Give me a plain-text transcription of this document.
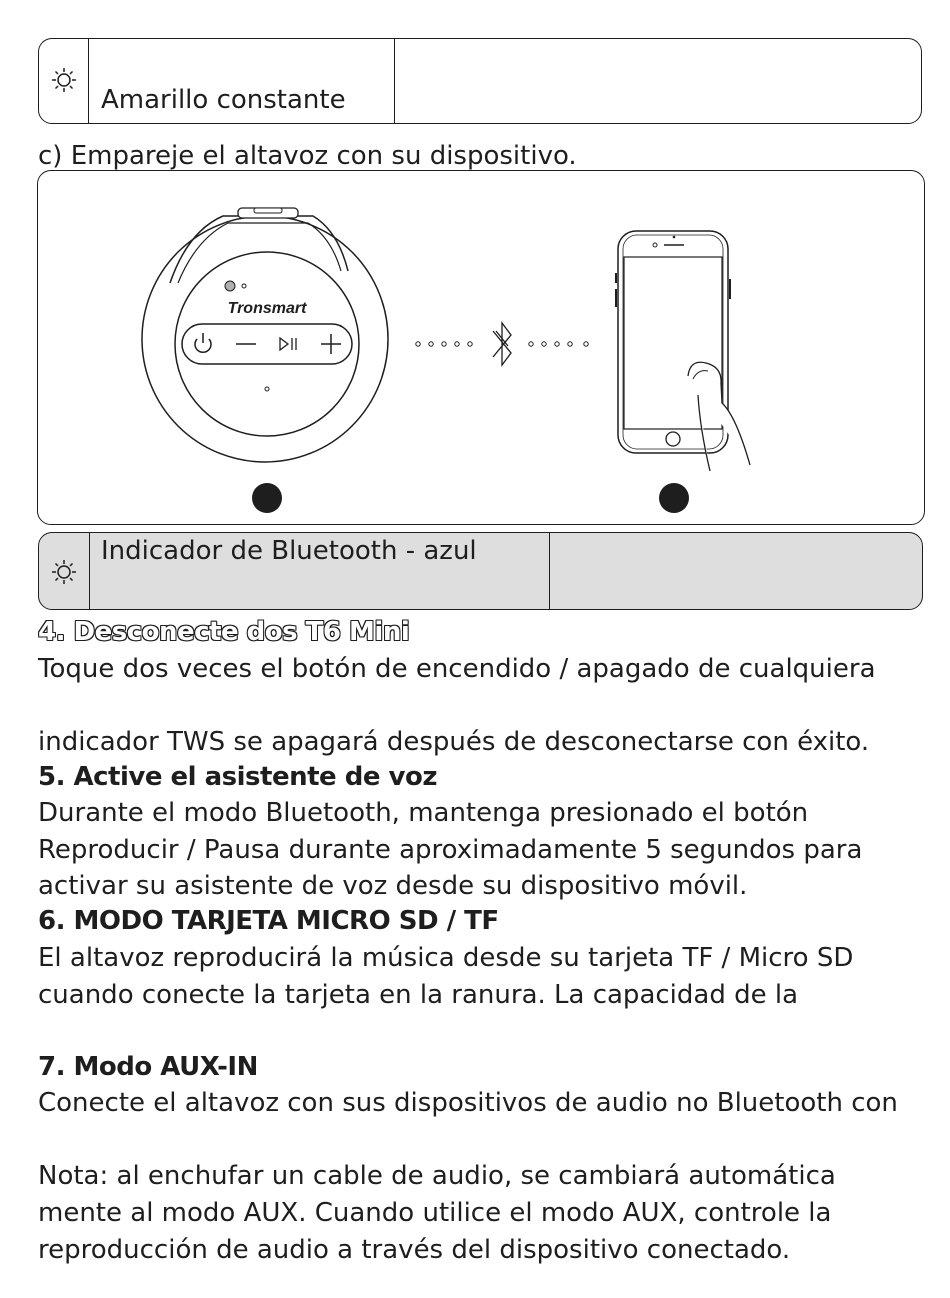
Amarillo constante
c) Empareje el altavoz con su dispositivo.
Tronsmart
Indicador de Bluetooth - azul
4. Desconecte dos T6 Mini
Toque dos veces el botón de encendido / apagado de cualquiera
indicador TWS se apagará después de desconectarse con éxito.
5. Active el asistente de voz
Durante el modo Bluetooth, mantenga presionado el botón
Reproducir / Pausa durante aproximadamente 5 segundos para
activar su asistente de voz desde su dispositivo móvil.
6. MODO TARJETA MICRO SD / TF
El altavoz reproducirá la música desde su tarjeta TF / Micro SD
cuando conecte la tarjeta en la ranura. La capacidad de la
7. Modo AUX-IN
Conecte el altavoz con sus dispositivos de audio no Bluetooth con
Nota: al enchufar un cable de audio, se cambiará automática
mente al modo AUX. Cuando utilice el modo AUX, controle la
reproducción de audio a través del dispositivo conectado.
